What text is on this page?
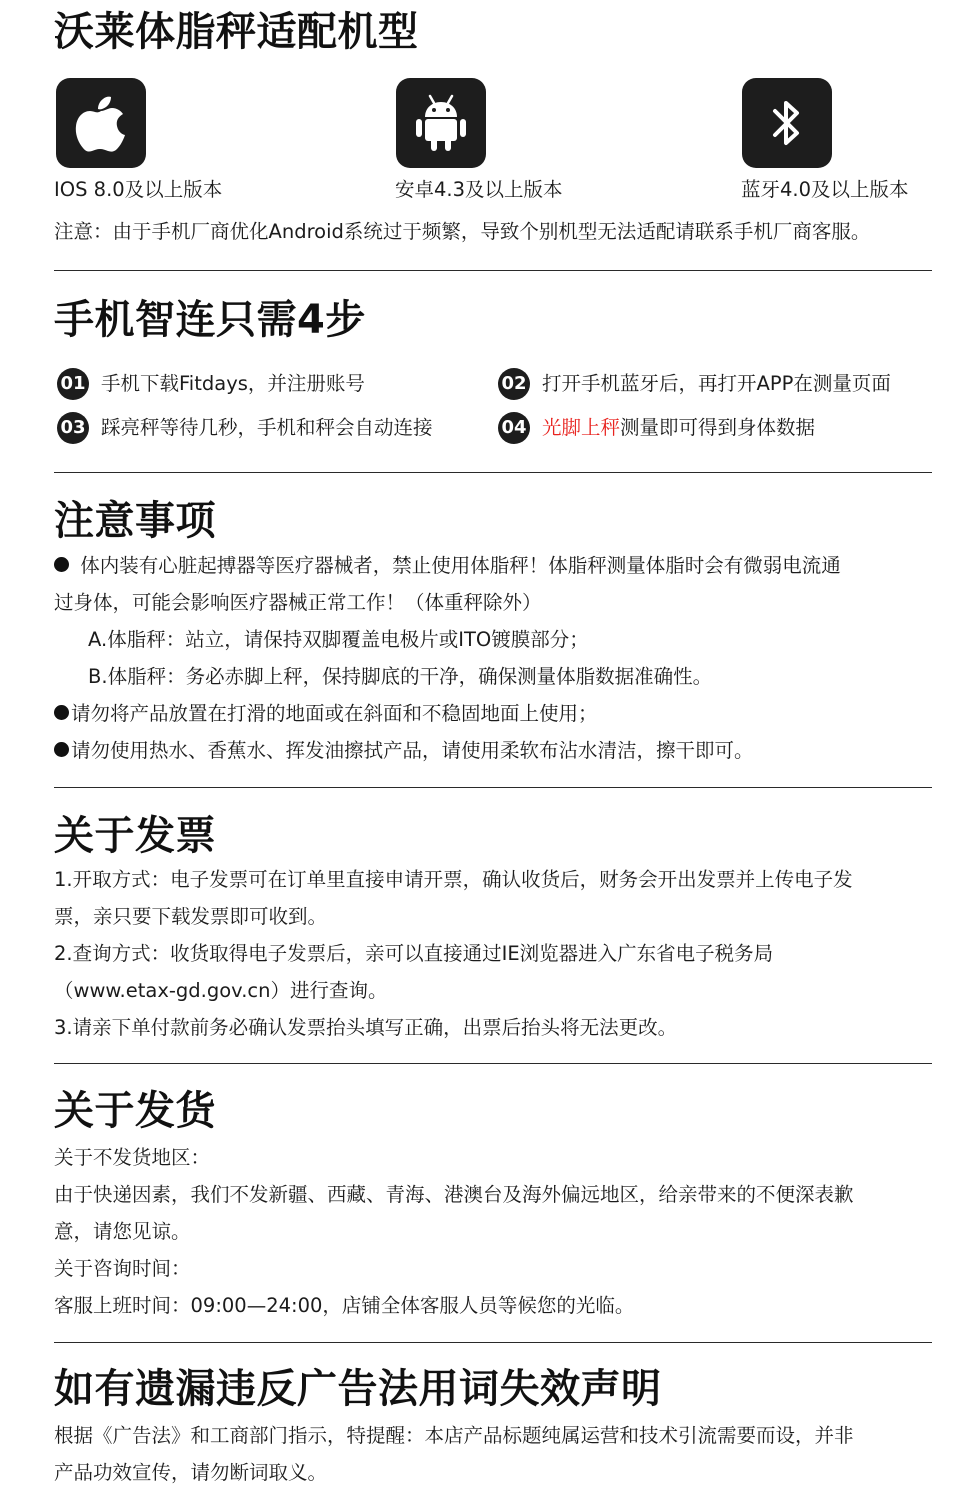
沃莱体脂秤适配机型
IOS 8.0及以上版本	安卓4.3及以上版本	蓝牙4.0及以上版本
注意：由于手机厂商优化Android系统过于频繁，导致个别机型无法适配请联系手机厂商客服。
手机智连只需4步
01 手机下载Fitdays，并注册账号	02 打开手机蓝牙后，再打开APP在测量页面
03 踩亮秤等待几秒，手机和秤会自动连接	04 光脚上秤 测量即可得到身体数据
注意事项
体内装有心脏起搏器等医疗器械者，禁止使用体脂秤！体脂秤测量体脂时会有微弱电流通
过身体，可能会影响医疗器械正常工作！（体重秤除外）
A.体脂秤：站立，请保持双脚覆盖电极片或ITO镀膜部分；
B.体脂秤：务必赤脚上秤，保持脚底的干净，确保测量体脂数据准确性。
请勿将产品放置在打滑的地面或在斜面和不稳固地面上使用；
请勿使用热水、香蕉水、挥发油擦拭产品，请使用柔软布沾水清洁，擦干即可。
关于发票
1.开取方式：电子发票可在订单里直接申请开票，确认收货后，财务会开出发票并上传电子发
票，亲只要下载发票即可收到。
2.查询方式：收货取得电子发票后，亲可以直接通过IE浏览器进入广东省电子税务局
（www.etax-gd.gov.cn）进行查询。
3.请亲下单付款前务必确认发票抬头填写正确，出票后抬头将无法更改。
关于发货
关于不发货地区：
由于快递因素，我们不发新疆、西藏、青海、港澳台及海外偏远地区，给亲带来的不便深表歉
意，请您见谅。
关于咨询时间：
客服上班时间：09:00—24:00，店铺全体客服人员等候您的光临。
如有遗漏违反广告法用词失效声明
根据《广告法》和工商部门指示，特提醒：本店产品标题纯属运营和技术引流需要而设，并非
产品功效宣传，请勿断词取义。
